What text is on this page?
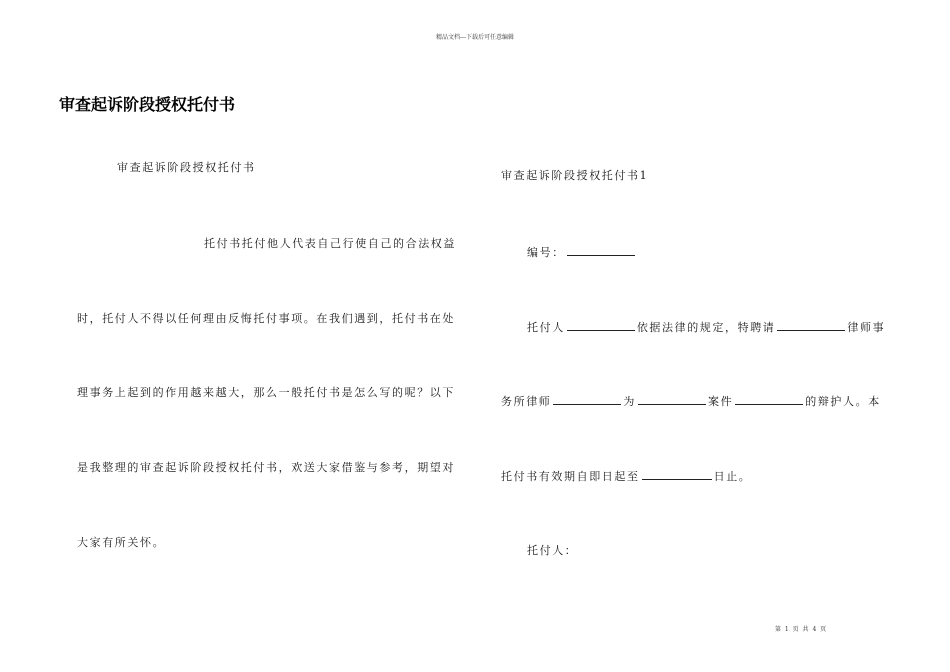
精品文档---下载后可任意编辑
审查起诉阶段授权托付书
审查起诉阶段授权托付书
托付书托付他人代表自己行使自己的合法权益
时，托付人不得以任何理由反悔托付事项。在我们遇到，托付书在处
理事务上起到的作用越来越大，那么一般托付书是怎么写的呢？以下
是我整理的审查起诉阶段授权托付书，欢送大家借鉴与参考，期望对
大家有所关怀。
审查起诉阶段授权托付书1
编号：
托付人	依据法律的规定，特聘请	律师事
务所律师	为	案件	的辩护人。本
托付书有效期自即日起至	日止。
托付人：
第 1 页 共 4 页
